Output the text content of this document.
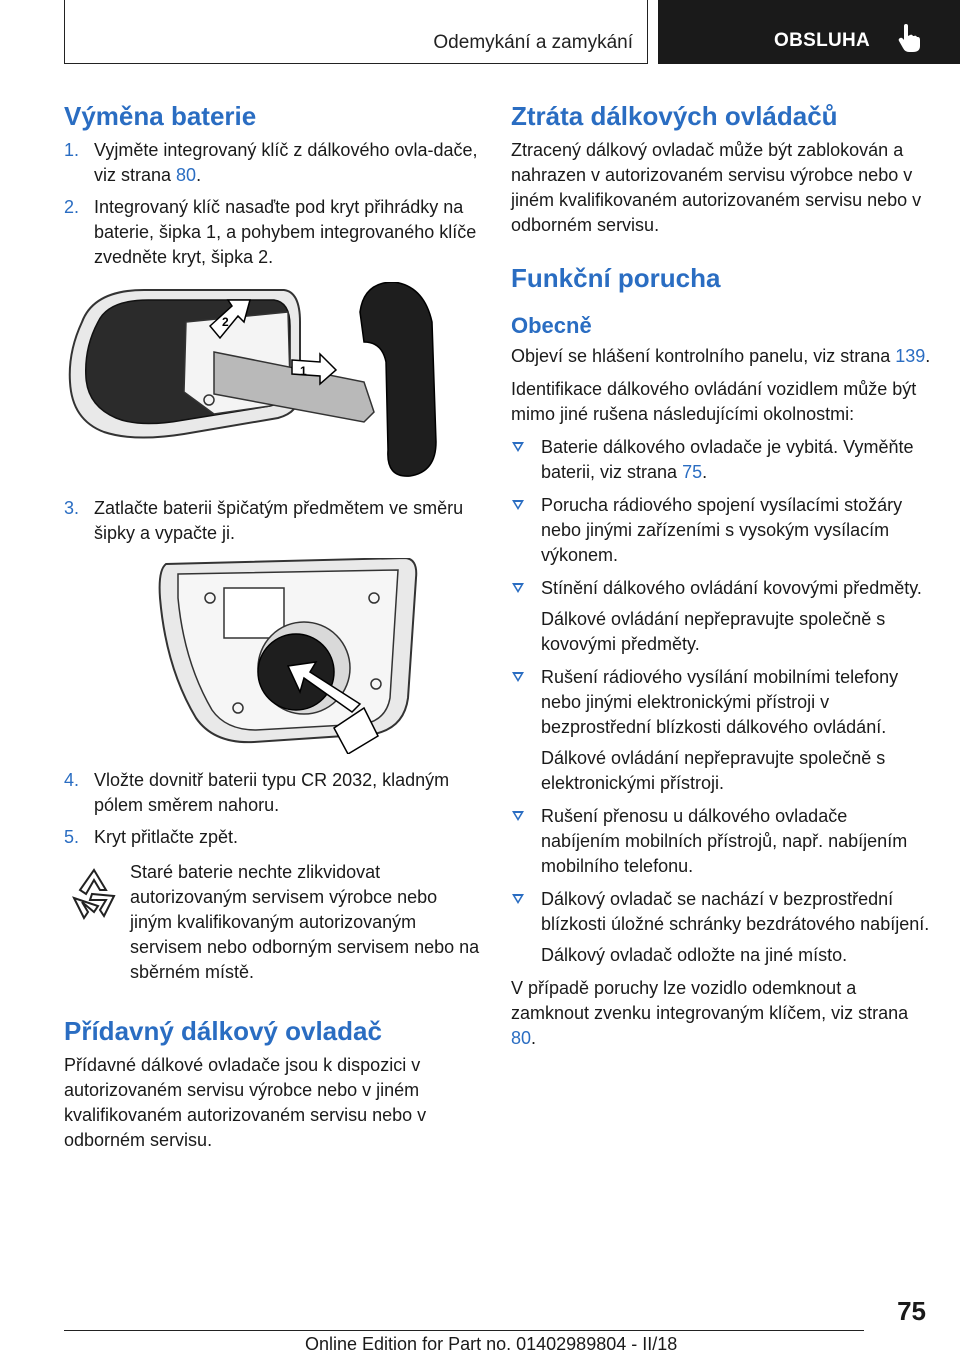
Odemykání a zamykání	OBSLUHA
Výměna baterie
1. Vyjměte integrovaný klíč z dálkového ovla-dače, viz strana 80.
2. Integrovaný klíč nasaďte pod kryt přihrádky na baterie, šipka 1, a pohybem integrovaného klíče zvedněte kryt, šipka 2.
1
2
3. Zatlačte baterii špičatým předmětem ve směru šipky a vypačte ji.
4. Vložte dovnitř baterii typu CR 2032, kladným pólem směrem nahoru.
5. Kryt přitlačte zpět.
Staré baterie nechte zlikvidovat autorizovaným servisem výrobce nebo jiným kvalifikovaným autorizovaným servisem nebo odborným servisem nebo na sběrném místě.
Přídavný dálkový ovladač

Přídavné dálkové ovladače jsou k dispozici v autorizovaném servisu výrobce nebo v jiném kvalifikovaném autorizovaném servisu nebo v odborném servisu.

Ztráta dálkových ovládačů

Ztracený dálkový ovladač může být zablokován a nahrazen v autorizovaném servisu výrobce nebo v jiném kvalifikovaném autorizovaném servisu nebo v odborném servisu.

Funkční porucha
Obecně

Objeví se hlášení kontrolního panelu, viz strana 139.

Identifikace dálkového ovládání vozidlem může být mimo jiné rušena následujícími okolnostmi:

Baterie dálkového ovladače je vybitá. Vyměňte baterii, viz strana 75.
Porucha rádiového spojení vysílacími stožáry nebo jinými zařízeními s vysokým vysílacím výkonem.
Stínění dálkového ovládání kovovými předměty.
Dálkové ovládání nepřepravujte společně s kovovými předměty.
Rušení rádiového vysílání mobilními telefony nebo jinými elektronickými přístroji v bezprostřední blízkosti dálkového ovládání.
Dálkové ovládání nepřepravujte společně s elektronickými přístroji.
Rušení přenosu u dálkového ovladače nabíjením mobilních přístrojů, např. nabíjením mobilního telefonu.
Dálkový ovladač se nachází v bezprostřední blízkosti úložné schránky bezdrátového nabíjení.
Dálkový ovladač odložte na jiné místo.

V případě poruchy lze vozidlo odemknout a zamknout zvenku integrovaným klíčem, viz strana 80.

75
Online Edition for Part no. 01402989804 - II/18
